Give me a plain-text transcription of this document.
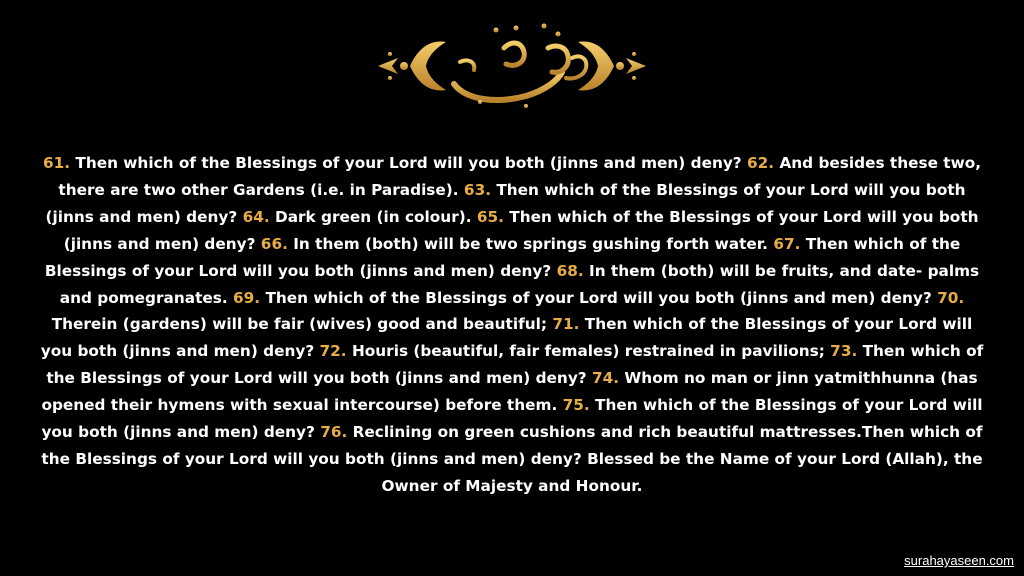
61. Then which of the Blessings of your Lord will you both (jinns and men) deny? 62. And besides these two, there are two other Gardens (i.e. in Paradise). 63. Then which of the Blessings of your Lord will you both (jinns and men) deny? 64. Dark green (in colour). 65. Then which of the Blessings of your Lord will you both (jinns and men) deny? 66. In them (both) will be two springs gushing forth water. 67. Then which of the Blessings of your Lord will you both (jinns and men) deny? 68. In them (both) will be fruits, and date- palms and pomegranates. 69. Then which of the Blessings of your Lord will you both (jinns and men) deny? 70. Therein (gardens) will be fair (wives) good and beautiful; 71. Then which of the Blessings of your Lord will you both (jinns and men) deny? 72. Houris (beautiful, fair females) restrained in pavilions; 73. Then which of the Blessings of your Lord will you both (jinns and men) deny? 74. Whom no man or jinn yatmithhunna (has opened their hymens with sexual intercourse) before them. 75. Then which of the Blessings of your Lord will you both (jinns and men) deny? 76. Reclining on green cushions and rich beautiful mattresses.Then which of the Blessings of your Lord will you both (jinns and men) deny? Blessed be the Name of your Lord (Allah), the Owner of Majesty and Honour.

surahayaseen.com
